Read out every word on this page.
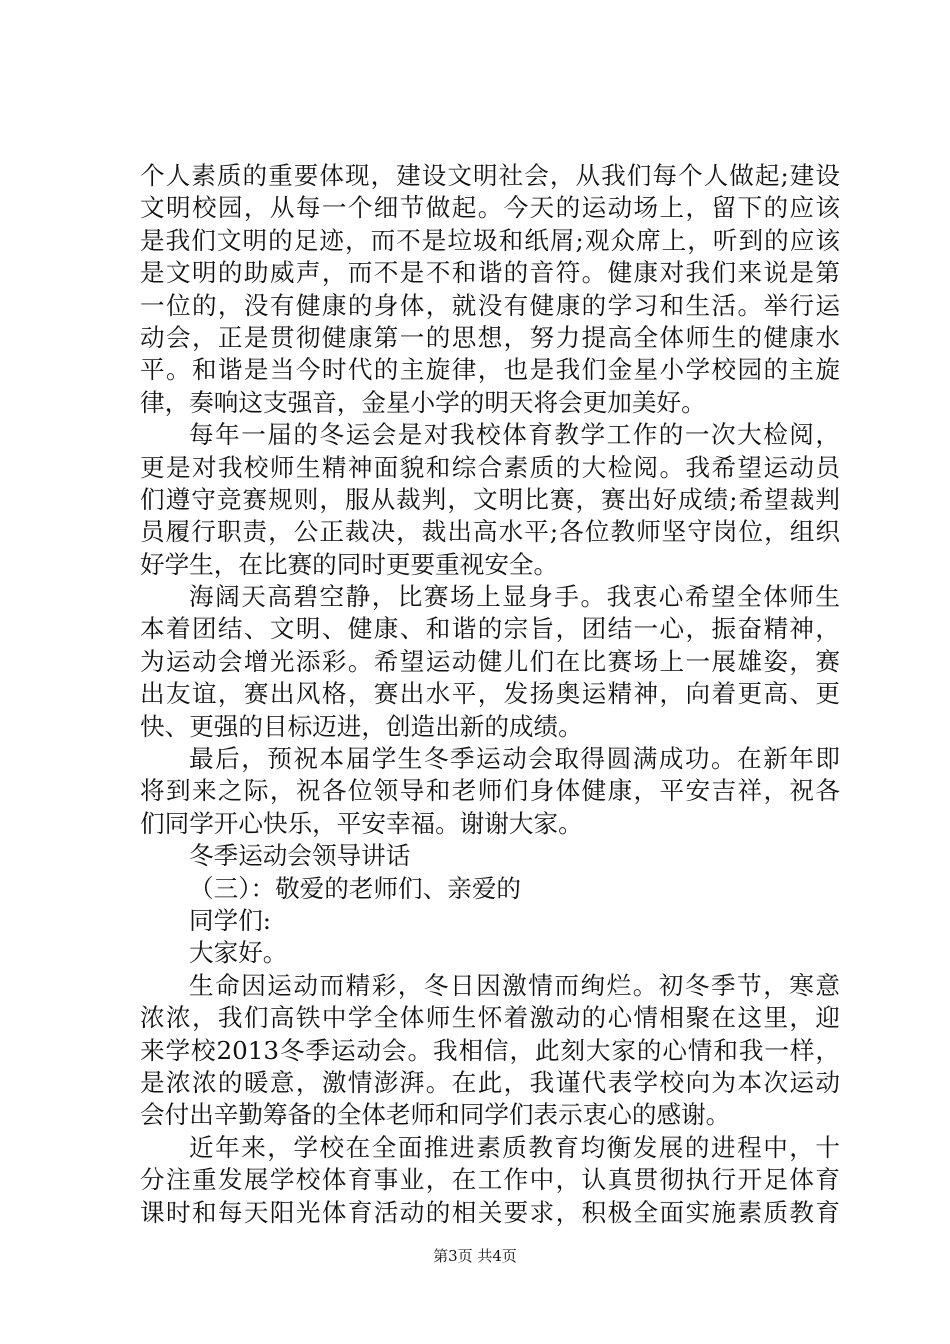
个人素质的重要体现，建设文明社会，从我们每个人做起;建设
文明校园，从每一个细节做起。今天的运动场上，留下的应该
是我们文明的足迹，而不是垃圾和纸屑;观众席上，听到的应该
是文明的助威声，而不是不和谐的音符。健康对我们来说是第
一位的，没有健康的身体，就没有健康的学习和生活。举行运
动会，正是贯彻健康第一的思想，努力提高全体师生的健康水
平。和谐是当今时代的主旋律，也是我们金星小学校园的主旋
律，奏响这支强音，金星小学的明天将会更加美好。
每年一届的冬运会是对我校体育教学工作的一次大检阅，
更是对我校师生精神面貌和综合素质的大检阅。我希望运动员
们遵守竞赛规则，服从裁判，文明比赛，赛出好成绩;希望裁判
员履行职责，公正裁决，裁出高水平;各位教师坚守岗位，组织
好学生，在比赛的同时更要重视安全。
海阔天高碧空静，比赛场上显身手。我衷心希望全体师生
本着团结、文明、健康、和谐的宗旨，团结一心，振奋精神，
为运动会增光添彩。希望运动健儿们在比赛场上一展雄姿，赛
出友谊，赛出风格，赛出水平，发扬奥运精神，向着更高、更
快、更强的目标迈进，创造出新的成绩。
最后，预祝本届学生冬季运动会取得圆满成功。在新年即
将到来之际，祝各位领导和老师们身体健康，平安吉祥，祝各
们同学开心快乐，平安幸福。谢谢大家。
冬季运动会领导讲话
（三）：敬爱的老师们、亲爱的
同学们:
大家好。
生命因运动而精彩，冬日因激情而绚烂。初冬季节，寒意
浓浓，我们高铁中学全体师生怀着激动的心情相聚在这里，迎
来学校2013冬季运动会。我相信，此刻大家的心情和我一样，
是浓浓的暖意，激情澎湃。在此，我谨代表学校向为本次运动
会付出辛勤筹备的全体老师和同学们表示衷心的感谢。
近年来，学校在全面推进素质教育均衡发展的进程中，十
分注重发展学校体育事业，在工作中，认真贯彻执行开足体育
课时和每天阳光体育活动的相关要求，积极全面实施素质教育
第3页 共4页
